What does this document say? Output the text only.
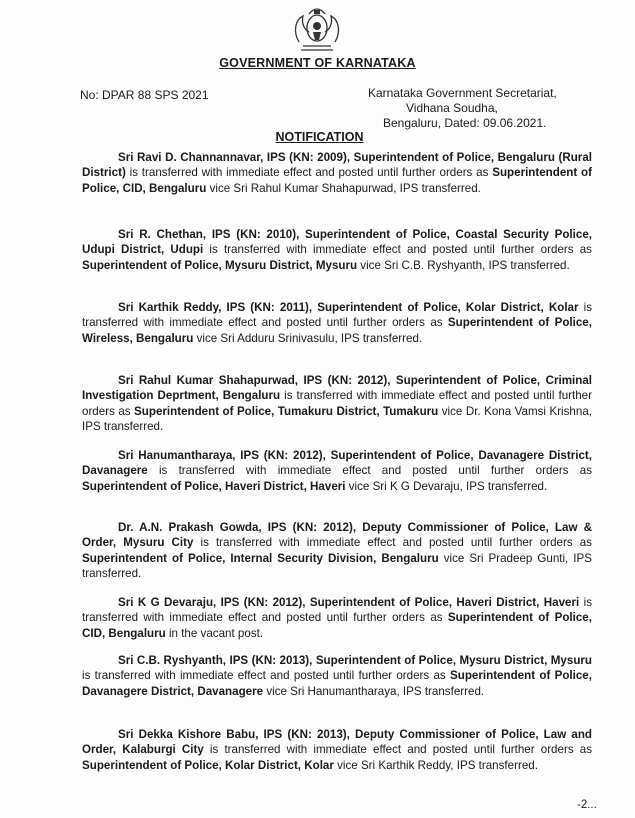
GOVERNMENT OF KARNATAKA
No: DPAR 88 SPS 2021	Karnataka Government Secretariat,
Vidhana Soudha,
Bengaluru, Dated: 09.06.2021.
NOTIFICATION

Sri Ravi D. Channannavar, IPS (KN: 2009), Superintendent of Police, Bengaluru (Rural District) is transferred with immediate effect and posted until further orders as Superintendent of Police, CID, Bengaluru vice Sri Rahul Kumar Shahapurwad, IPS transferred.

Sri R. Chethan, IPS (KN: 2010), Superintendent of Police, Coastal Security Police, Udupi District, Udupi is transferred with immediate effect and posted until further orders as Superintendent of Police, Mysuru District, Mysuru vice Sri C.B. Ryshyanth, IPS transferred.

Sri Karthik Reddy, IPS (KN: 2011), Superintendent of Police, Kolar District, Kolar is transferred with immediate effect and posted until further orders as Superintendent of Police, Wireless, Bengaluru vice Sri Adduru Srinivasulu, IPS transferred.

Sri Rahul Kumar Shahapurwad, IPS (KN: 2012), Superintendent of Police, Criminal Investigation Deprtment, Bengaluru is transferred with immediate effect and posted until further orders as Superintendent of Police, Tumakuru District, Tumakuru vice Dr. Kona Vamsi Krishna, IPS transferred.

Sri Hanumantharaya, IPS (KN: 2012), Superintendent of Police, Davanagere District, Davanagere is transferred with immediate effect and posted until further orders as Superintendent of Police, Haveri District, Haveri vice Sri K G Devaraju, IPS transferred.

Dr. A.N. Prakash Gowda, IPS (KN: 2012), Deputy Commissioner of Police, Law & Order, Mysuru City is transferred with immediate effect and posted until further orders as Superintendent of Police, Internal Security Division, Bengaluru vice Sri Pradeep Gunti, IPS transferred.

Sri K G Devaraju, IPS (KN: 2012), Superintendent of Police, Haveri District, Haveri is transferred with immediate effect and posted until further orders as Superintendent of Police, CID, Bengaluru in the vacant post.

Sri C.B. Ryshyanth, IPS (KN: 2013), Superintendent of Police, Mysuru District, Mysuru is transferred with immediate effect and posted until further orders as Superintendent of Police, Davanagere District, Davanagere vice Sri Hanumantharaya, IPS transferred.

Sri Dekka Kishore Babu, IPS (KN: 2013), Deputy Commissioner of Police, Law and Order, Kalaburgi City is transferred with immediate effect and posted until further orders as Superintendent of Police, Kolar District, Kolar vice Sri Karthik Reddy, IPS transferred.

-2...
